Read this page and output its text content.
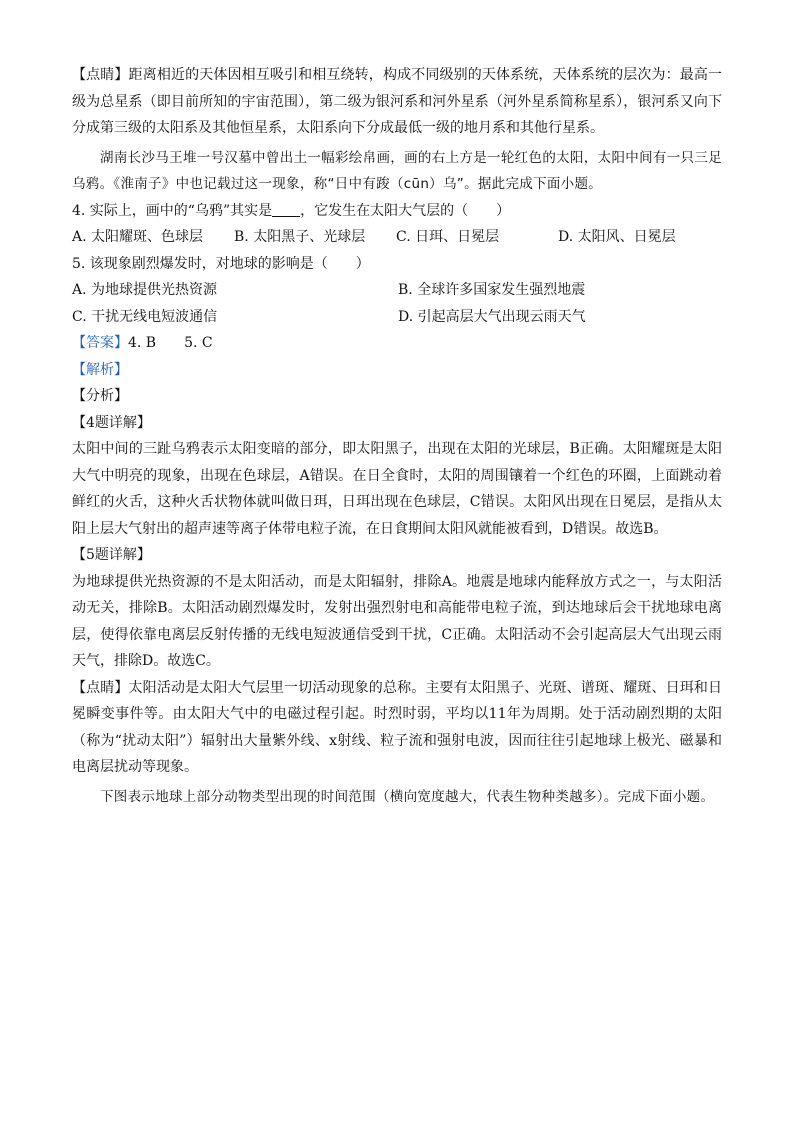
【点睛】距离相近的天体因相互吸引和相互绕转，构成不同级别的天体系统，天体系统的层次为：最高一级为总星系（即目前所知的宇宙范围），第二级为银河系和河外星系（河外星系简称星系），银河系又向下分成第三级的太阳系及其他恒星系，太阳系向下分成最低一级的地月系和其他行星系。

湖南长沙马王堆一号汉墓中曾出土一幅彩绘帛画，画的右上方是一轮红色的太阳，太阳中间有一只三足乌鸦。《淮南子》中也记载过这一现象，称“日中有踆（cūn）乌”。据此完成下面小题。

4. 实际上，画中的“乌鸦”其实是 ，它发生在太阳大气层的（　　）

A. 太阳耀斑、色球层	B. 太阳黑子、光球层	C. 日珥、日冕层	D. 太阳风、日冕层

5. 该现象剧烈爆发时，对地球的影响是（　　）

A. 为地球提供光热资源	B. 全球许多国家发生强烈地震
C. 干扰无线电短波通信	D. 引起高层大气出现云雨天气

【答案】4. B　　5. C

【解析】

【分析】

【4题详解】

太阳中间的三趾乌鸦表示太阳变暗的部分，即太阳黑子，出现在太阳的光球层，B正确。太阳耀斑是太阳大气中明亮的现象，出现在色球层，A错误。在日全食时，太阳的周围镶着一个红色的环圈，上面跳动着鲜红的火舌，这种火舌状物体就叫做日珥，日珥出现在色球层，C错误。太阳风出现在日冕层，是指从太阳上层大气射出的超声速等离子体带电粒子流，在日食期间太阳风就能被看到，D错误。故选B。

【5题详解】

为地球提供光热资源的不是太阳活动，而是太阳辐射，排除A。地震是地球内能释放方式之一，与太阳活动无关，排除B。太阳活动剧烈爆发时，发射出强烈射电和高能带电粒子流，到达地球后会干扰地球电离层，使得依靠电离层反射传播的无线电短波通信受到干扰，C正确。太阳活动不会引起高层大气出现云雨天气，排除D。故选C。

【点睛】太阳活动是太阳大气层里一切活动现象的总称。主要有太阳黑子、光斑、谱斑、耀斑、日珥和日冕瞬变事件等。由太阳大气中的电磁过程引起。时烈时弱，平均以11年为周期。处于活动剧烈期的太阳（称为“扰动太阳”）辐射出大量紫外线、x射线、粒子流和强射电波，因而往往引起地球上极光、磁暴和电离层扰动等现象。

下图表示地球上部分动物类型出现的时间范围（横向宽度越大，代表生物种类越多）。完成下面小题。
